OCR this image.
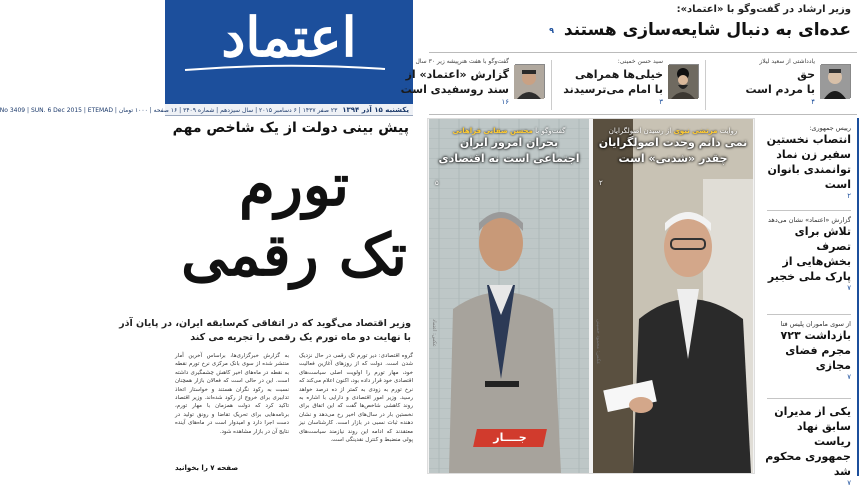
اعتماد
یکشنبه ۱۵ آذر ۱۳۹۴ ۲۳ صفر ۱۴۳۷ | ۶ دسامبر ۲۰۱۵ | سال سیزدهم | شماره ۳۴۰۹ | ۱۶ صفحه | ۱۰۰۰ تومان | No 3409 | SUN. 6 Dec 2015 | ETEMAD
وزیر ارشاد در گفت‌وگو با «اعتماد»:
عده‌ای به دنبال شایعه‌سازی هستند ۹
یادداشتی از سعید لیلاز
حق
با مردم است
۴
سید حسن خمینی:
خیلی‌ها همراهی
با امام می‌ترسیدند
۳
گفت‌وگو با هفت هنرپیشه زیر ۳۰ سال
گزارش «اعتماد» از
سند روسفیدی است
۱۶
پیش بینی دولت از یک شاخص مهم
تورم
تک رقمی
وزیر اقتصاد می‌گوید که در اتفاقی کم‌سابقه ایران، در پایان آذر
با نهایت دو ماه تورم یک رقمی را تجربه می کند
گروه اقتصادی: دیر تورم تک رقمی در حال نزدیک شدن است. دولت که از روزهای آغازین فعالیت خود، مهار تورم را اولویت اصلی سیاست‌های اقتصادی خود قرار داده بود، اکنون اعلام می‌کند که نرخ تورم به زودی به کمتر از ده درصد خواهد رسید. وزیر امور اقتصادی و دارایی با اشاره به روند کاهشی شاخص‌ها گفت که این اتفاق برای نخستین بار در سال‌های اخیر رخ می‌دهد و نشان دهنده ثبات نسبی در بازار است. کارشناسان نیز معتقدند که ادامه این روند نیازمند سیاست‌های پولی منضبط و کنترل نقدینگی است.
به گزارش خبرگزاری‌ها، براساس آخرین آمار منتشر شده از سوی بانک مرکزی نرخ تورم نقطه به نقطه در ماه‌های اخیر کاهش چشمگیری داشته است. این در حالی است که فعالان بازار همچنان نسبت به رکود نگران هستند و خواستار اتخاذ تدابیری برای خروج از رکود شده‌اند. وزیر اقتصاد تاکید کرد که دولت همزمان با مهار تورم، برنامه‌هایی برای تحریک تقاضا و رونق تولید در دست اجرا دارد و امیدوار است در ماه‌های آینده نتایج آن در بازار مشاهده شود.
صفحه ۷ را بخوانید
روایت مرتضی نبوی از رسیدن اصولگرایان
نمی دانم وحدت اصولگرایان
چقدر «شدنی» است
۲
عکس: محمود حسینی
گفت‌وگو با محسن صفایی فراهانی
بحران امروز ایران
اجتماعی است نه اقتصادی
۵
عکس: اعتماد
جــــار
رییس جمهوری:
انتصاب نخستین سفیر زن نماد توانمندی بانوان است
۲
گزارش «اعتماد» نشان می‌دهد
تلاش برای تصرف بخش‌هایی از پارک ملی خجیر
۷
از سوی ماموران پلیس فتا
بازداشت ۷۲۳ مجرم فضای مجازی
۷
یکی از مدیران سابق نهاد ریاست جمهوری محکوم شد
۷
